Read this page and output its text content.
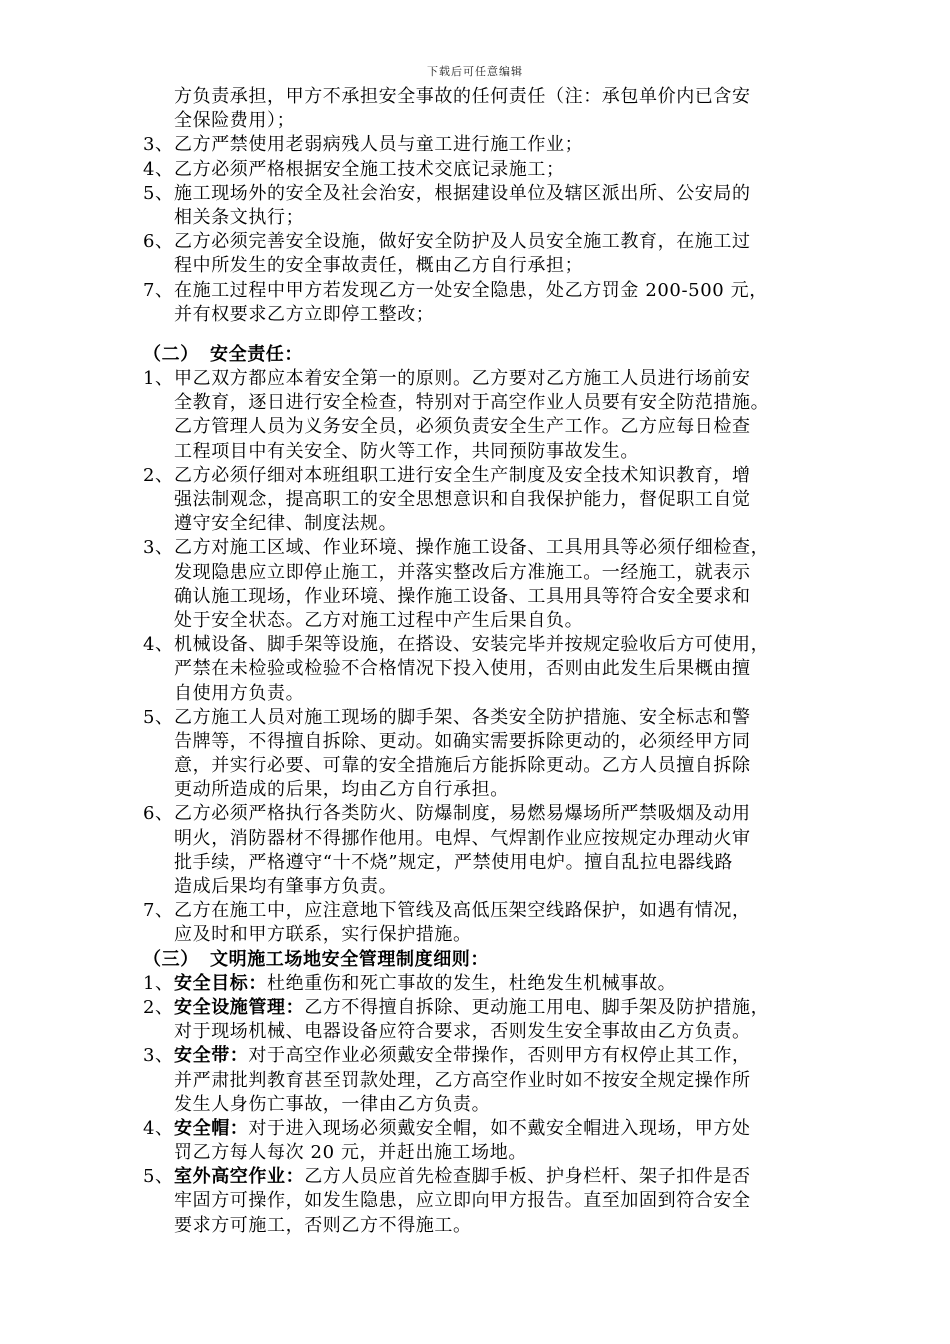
下载后可任意编辑
方负责承担，甲方不承担安全事故的任何责任（注：承包单价内已含安
全保险费用）；
3、乙方严禁使用老弱病残人员与童工进行施工作业；
4、乙方必须严格根据安全施工技术交底记录施工；
5、施工现场外的安全及社会治安，根据建设单位及辖区派出所、公安局的
相关条文执行；
6、乙方必须完善安全设施，做好安全防护及人员安全施工教育，在施工过
程中所发生的安全事故责任，概由乙方自行承担；
7、在施工过程中甲方若发现乙方一处安全隐患，处乙方罚金 200-500 元，
并有权要求乙方立即停工整改；
（二） 安全责任：
1、甲乙双方都应本着安全第一的原则。乙方要对乙方施工人员进行场前安
全教育，逐日进行安全检查，特别对于高空作业人员要有安全防范措施。
乙方管理人员为义务安全员，必须负责安全生产工作。乙方应每日检查
工程项目中有关安全、防火等工作，共同预防事故发生。
2、乙方必须仔细对本班组职工进行安全生产制度及安全技术知识教育，增
强法制观念，提高职工的安全思想意识和自我保护能力，督促职工自觉
遵守安全纪律、制度法规。
3、乙方对施工区域、作业环境、操作施工设备、工具用具等必须仔细检查，
发现隐患应立即停止施工，并落实整改后方准施工。一经施工，就表示
确认施工现场，作业环境、操作施工设备、工具用具等符合安全要求和
处于安全状态。乙方对施工过程中产生后果自负。
4、机械设备、脚手架等设施，在搭设、安装完毕并按规定验收后方可使用，
严禁在未检验或检验不合格情况下投入使用，否则由此发生后果概由擅
自使用方负责。
5、乙方施工人员对施工现场的脚手架、各类安全防护措施、安全标志和警
告牌等，不得擅自拆除、更动。如确实需要拆除更动的，必须经甲方同
意，并实行必要、可靠的安全措施后方能拆除更动。乙方人员擅自拆除
更动所造成的后果，均由乙方自行承担。
6、乙方必须严格执行各类防火、防爆制度，易燃易爆场所严禁吸烟及动用
明火，消防器材不得挪作他用。电焊、气焊割作业应按规定办理动火审
批手续，严格遵守“十不烧”规定，严禁使用电炉。擅自乱拉电器线路
造成后果均有肇事方负责。
7、乙方在施工中，应注意地下管线及高低压架空线路保护，如遇有情况，
应及时和甲方联系，实行保护措施。
（三） 文明施工场地安全管理制度细则：
1、安全目标：杜绝重伤和死亡事故的发生，杜绝发生机械事故。
2、安全设施管理：乙方不得擅自拆除、更动施工用电、脚手架及防护措施，
对于现场机械、电器设备应符合要求，否则发生安全事故由乙方负责。
3、安全带：对于高空作业必须戴安全带操作，否则甲方有权停止其工作，
并严肃批判教育甚至罚款处理，乙方高空作业时如不按安全规定操作所
发生人身伤亡事故，一律由乙方负责。
4、安全帽：对于进入现场必须戴安全帽，如不戴安全帽进入现场，甲方处
罚乙方每人每次 20 元，并赶出施工场地。
5、室外高空作业：乙方人员应首先检查脚手板、护身栏杆、架子扣件是否
牢固方可操作，如发生隐患，应立即向甲方报告。直至加固到符合安全
要求方可施工，否则乙方不得施工。
